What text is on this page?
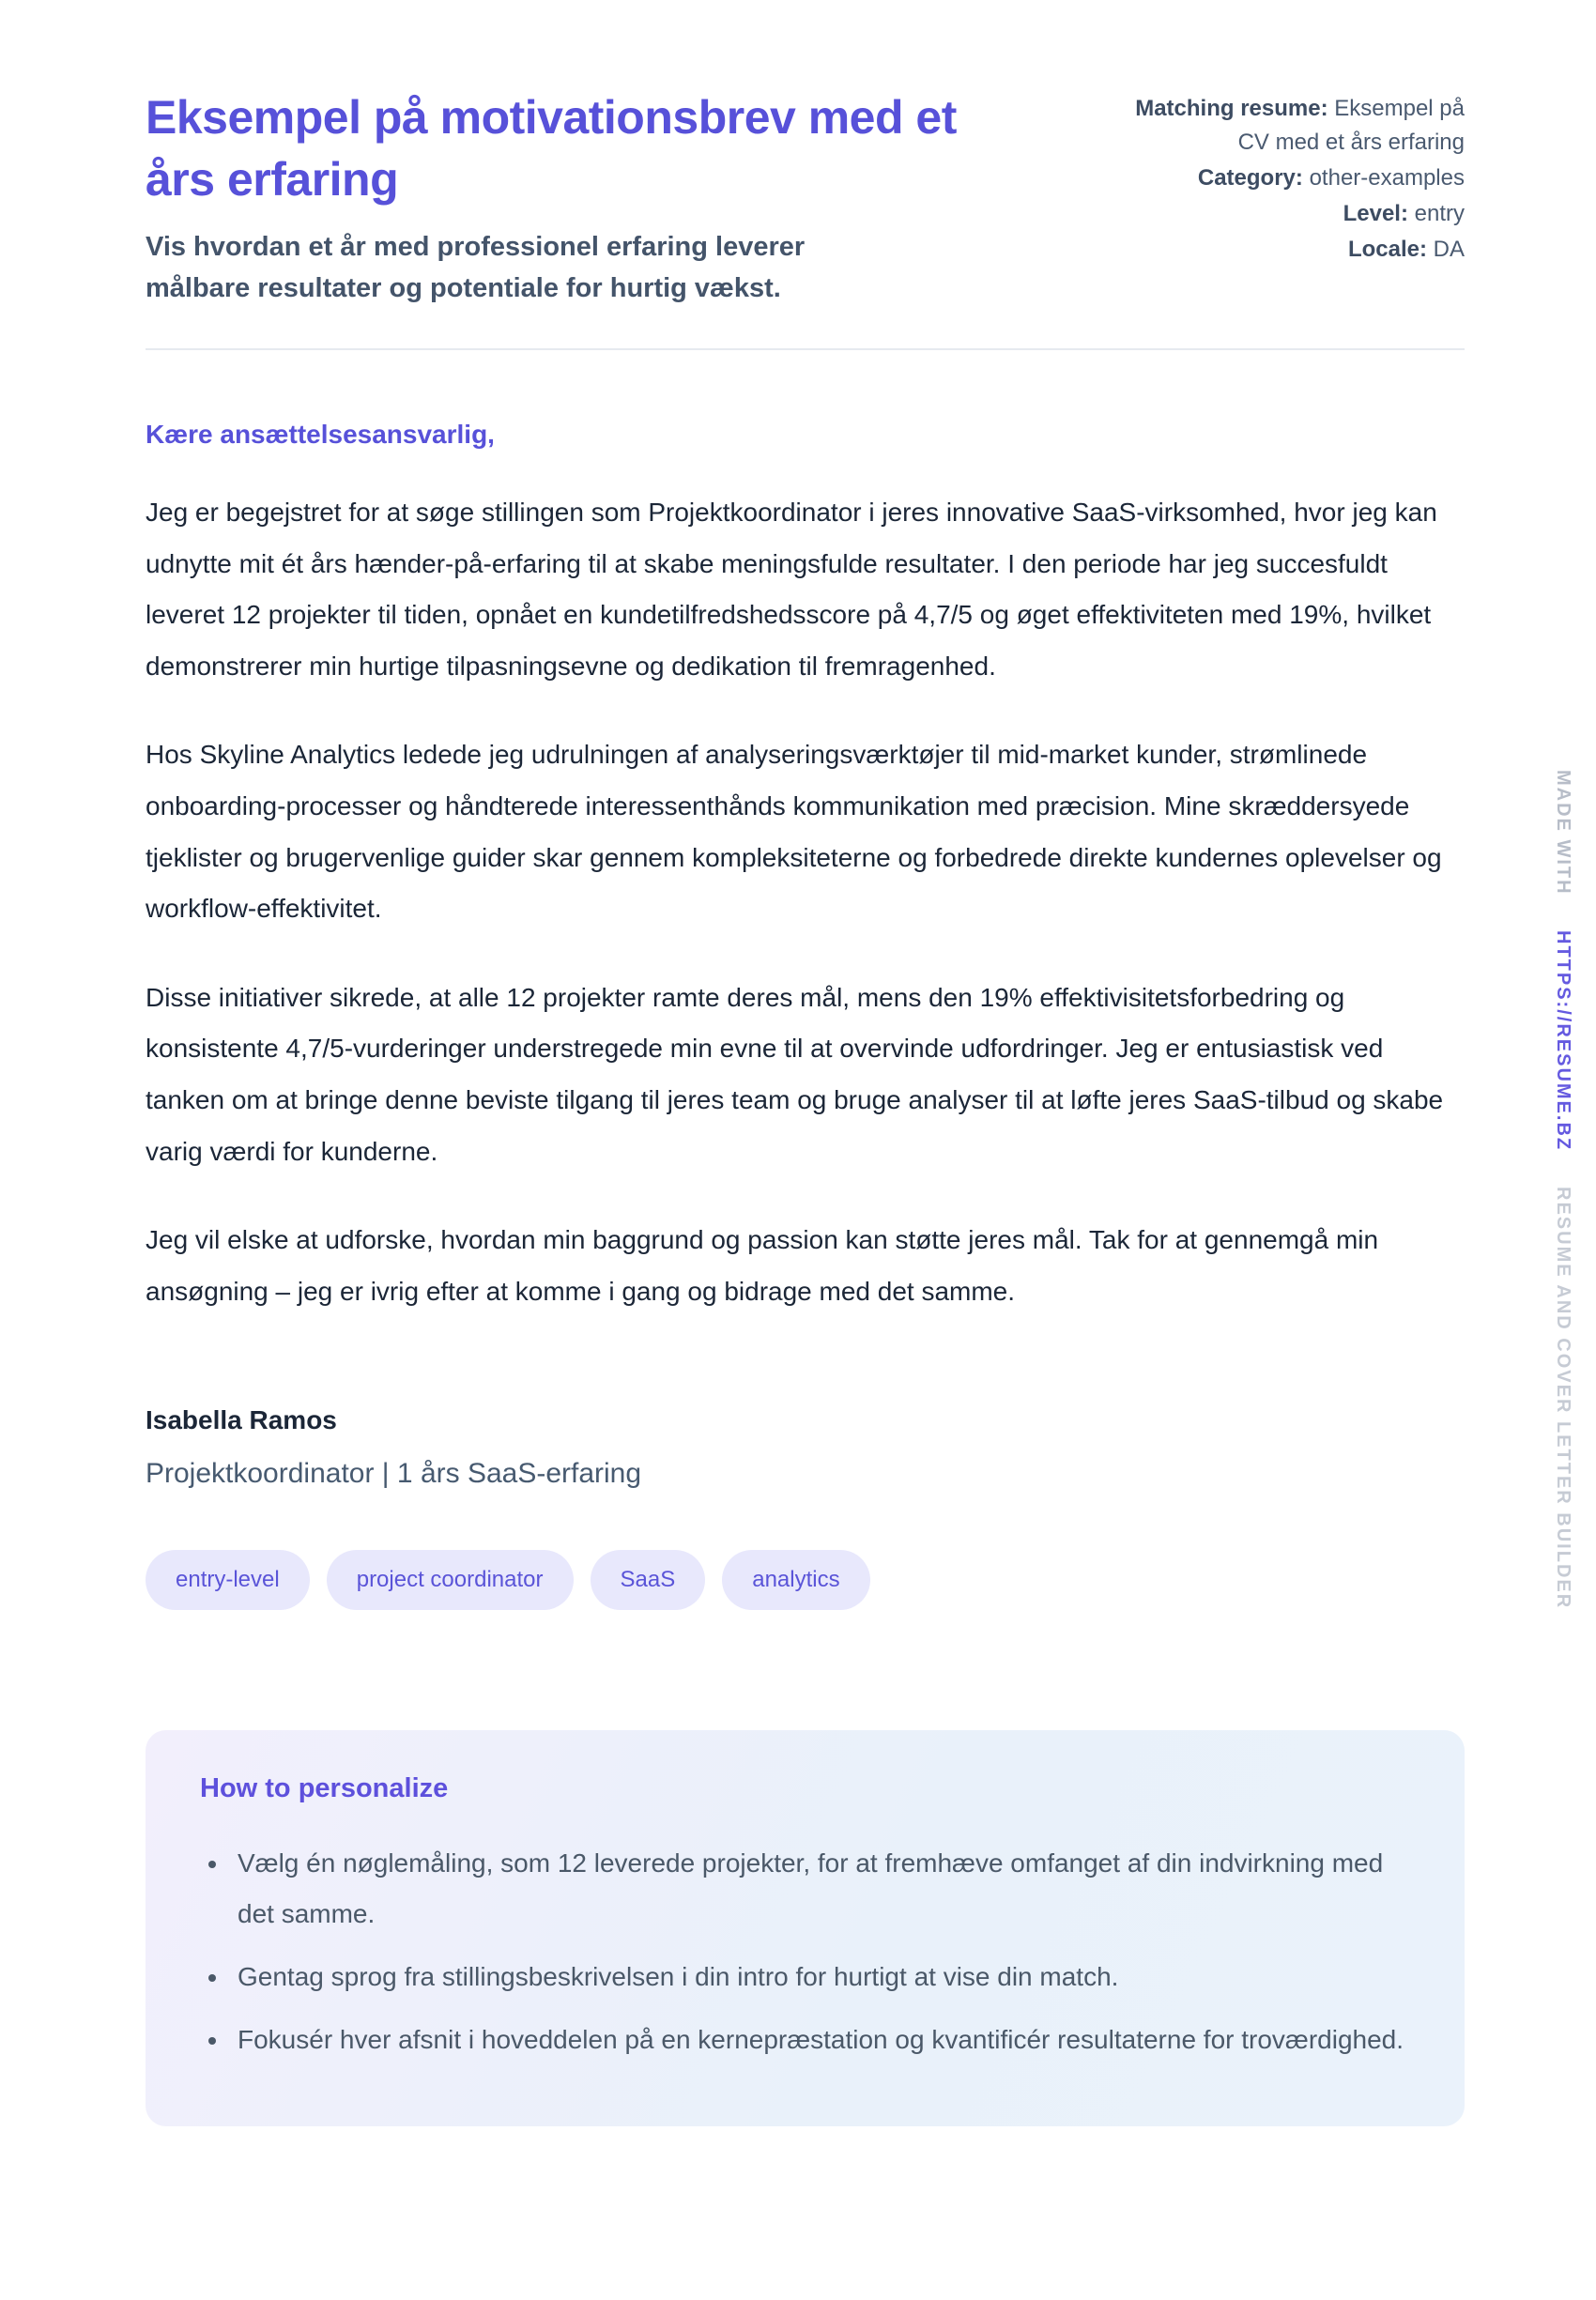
MADE WITH HTTPS://RESUME.BZ RESUME AND COVER LETTER BUILDER
Eksempel på motivationsbrev med et års erfaring

Vis hvordan et år med professionel erfaring leverer målbare resultater og potentiale for hurtig vækst.

Matching resume: Eksempel på CV med et års erfaring
Category: other-examples
Level: entry
Locale: DA

Kære ansættelsesansvarlig,

Jeg er begejstret for at søge stillingen som Projektkoordinator i jeres innovative SaaS-virksomhed, hvor jeg kan udnytte mit ét års hænder-på-erfaring til at skabe meningsfulde resultater. I den periode har jeg succesfuldt leveret 12 projekter til tiden, opnået en kundetilfredshedsscore på 4,7/5 og øget effektiviteten med 19%, hvilket demonstrerer min hurtige tilpasningsevne og dedikation til fremragenhed.

Hos Skyline Analytics ledede jeg udrulningen af analyseringsværktøjer til mid-market kunder, strømlinede onboarding-processer og håndterede interessenthånds kommunikation med præcision. Mine skræddersyede tjeklister og brugervenlige guider skar gennem kompleksiteterne og forbedrede direkte kundernes oplevelser og workflow-effektivitet.

Disse initiativer sikrede, at alle 12 projekter ramte deres mål, mens den 19% effektivisitetsforbedring og konsistente 4,7/5-vurderinger understregede min evne til at overvinde udfordringer. Jeg er entusiastisk ved tanken om at bringe denne beviste tilgang til jeres team og bruge analyser til at løfte jeres SaaS-tilbud og skabe varig værdi for kunderne.

Jeg vil elske at udforske, hvordan min baggrund og passion kan støtte jeres mål. Tak for at gennemgå min ansøgning – jeg er ivrig efter at komme i gang og bidrage med det samme.

Isabella Ramos

Projektkoordinator | 1 års SaaS-erfaring

entry-level	project coordinator	SaaS	analytics
How to personalize
• Vælg én nøglemåling, som 12 leverede projekter, for at fremhæve omfanget af din indvirkning med det samme.
• Gentag sprog fra stillingsbeskrivelsen i din intro for hurtigt at vise din match.
• Fokusér hver afsnit i hoveddelen på en kernepræstation og kvantificér resultaterne for troværdighed.
